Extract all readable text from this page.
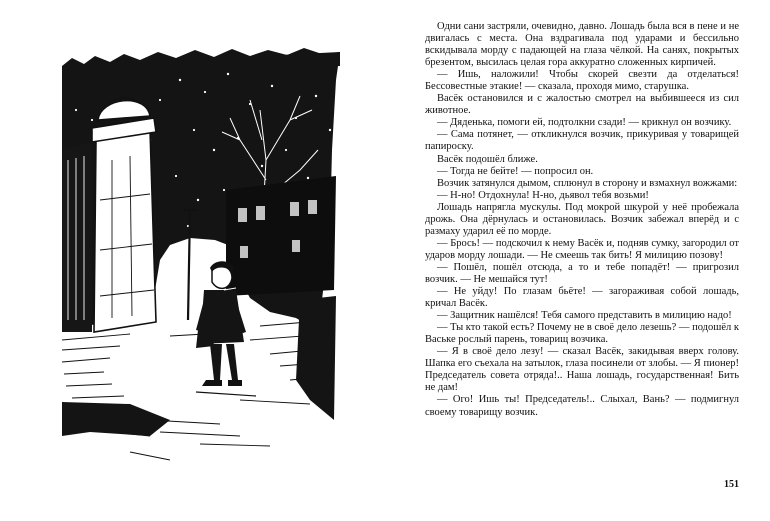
Одни сани застряли, очевидно, давно. Лошадь была вся в пене и не двигалась с места. Она вздрагивала под ударами и бессильно вскидывала морду с падающей на глаза чёлкой. На санях, покрытых брезентом, высилась целая гора аккуратно сложенных кирпичей.

— Ишь, наложили! Чтобы скорей свезти да отделаться! Бессовестные этакие! — сказала, проходя мимо, старушка.

Васёк остановился и с жалостью смотрел на выбившееся из сил животное.

— Дяденька, помоги ей, подтолкни сзади! — крикнул он возчику.

— Сама потянет, — откликнулся возчик, прикуривая у товарищей папироску.

Васёк подошёл ближе.

— Тогда не бейте! — попросил он.

Возчик затянулся дымом, сплюнул в сторону и взмахнул вожжами:

— Н-но! Отдохнула! Н-но, дьявол тебя возьми!

Лошадь напрягла мускулы. Под мокрой шкурой у неё пробежала дрожь. Она дёрнулась и остановилась. Возчик забежал вперёд и с размаху ударил её по морде.

— Брось! — подскочил к нему Васёк и, подняв сумку, загородил от ударов морду лошади. — Не смеешь так бить! Я милицию позову!

— Пошёл, пошёл отсюда, а то и тебе попадёт! — пригрозил возчик. — Не мешайся тут!

— Не уйду! По глазам бьёте! — загораживая собой лошадь, кричал Васёк.

— Защитник нашёлся! Тебя самого представить в милицию надо!

— Ты кто такой есть? Почему не в своё дело лезешь? — подошёл к Ваське рослый парень, товарищ возчика.

— Я в своё дело лезу! — сказал Васёк, закидывая вверх голову. Шапка его съехала на затылок, глаза посинели от злобы. — Я пионер! Председатель совета отряда!.. Наша лошадь, государственная! Бить не дам!

— Ого! Ишь ты! Председатель!.. Слыхал, Вань? — подмигнул своему товарищу возчик.

151
